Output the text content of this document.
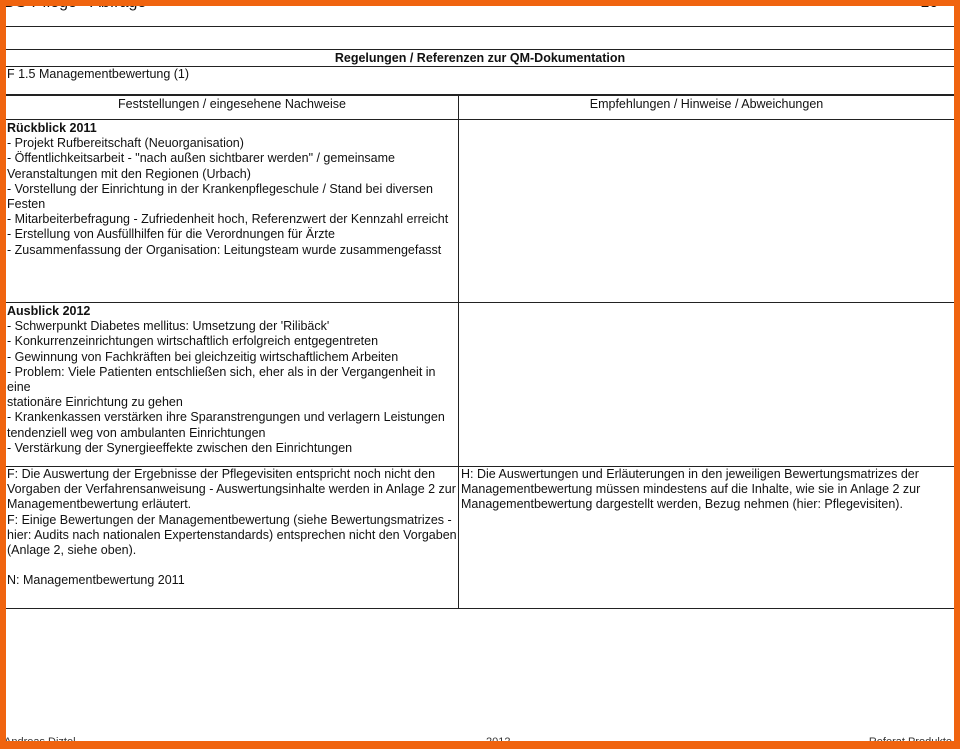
Regelungen / Referenzen zur QM-Dokumentation
F 1.5 Managementbewertung (1)
Feststellungen / eingesehene Nachweise	Empfehlungen / Hinweise / Abweichungen
Rückblick 2011
- Projekt Rufbereitschaft (Neuorganisation)
- Öffentlichkeitsarbeit - "nach außen sichtbarer werden" / gemeinsame
Veranstaltungen mit den Regionen (Urbach)
- Vorstellung der Einrichtung in der Krankenpflegeschule / Stand bei diversen
Festen
- Mitarbeiterbefragung - Zufriedenheit hoch, Referenzwert der Kennzahl erreicht
- Erstellung von Ausfüllhilfen für die Verordnungen für Ärzte
- Zusammenfassung der Organisation: Leitungsteam wurde zusammengefasst
Ausblick 2012
- Schwerpunkt Diabetes mellitus: Umsetzung der 'Rilibäck'
- Konkurrenzeinrichtungen wirtschaftlich erfolgreich entgegentreten
- Gewinnung von Fachkräften bei gleichzeitig wirtschaftlichem Arbeiten
- Problem: Viele Patienten entschließen sich, eher als in der Vergangenheit in eine
stationäre Einrichtung zu gehen
- Krankenkassen verstärken ihre Sparanstrengungen und verlagern Leistungen
tendenziell weg von ambulanten Einrichtungen
- Verstärkung der Synergieeffekte zwischen den Einrichtungen
F: Die Auswertung der Ergebnisse der Pflegevisiten entspricht noch nicht den
Vorgaben der Verfahrensanweisung - Auswertungsinhalte werden in Anlage 2 zur
Managementbewertung erläutert.
F: Einige Bewertungen der Managementbewertung (siehe Bewertungsmatrizes -
hier: Audits nach nationalen Expertenstandards) entsprechen nicht den Vorgaben
(Anlage 2, siehe oben).

N: Managementbewertung 2011
H: Die Auswertungen und Erläuterungen in den jeweiligen Bewertungsmatrizes der
Managementbewertung müssen mindestens auf die Inhalte, wie sie in Anlage 2 zur
Managementbewertung dargestellt werden, Bezug nehmen (hier: Pflegevisiten).
